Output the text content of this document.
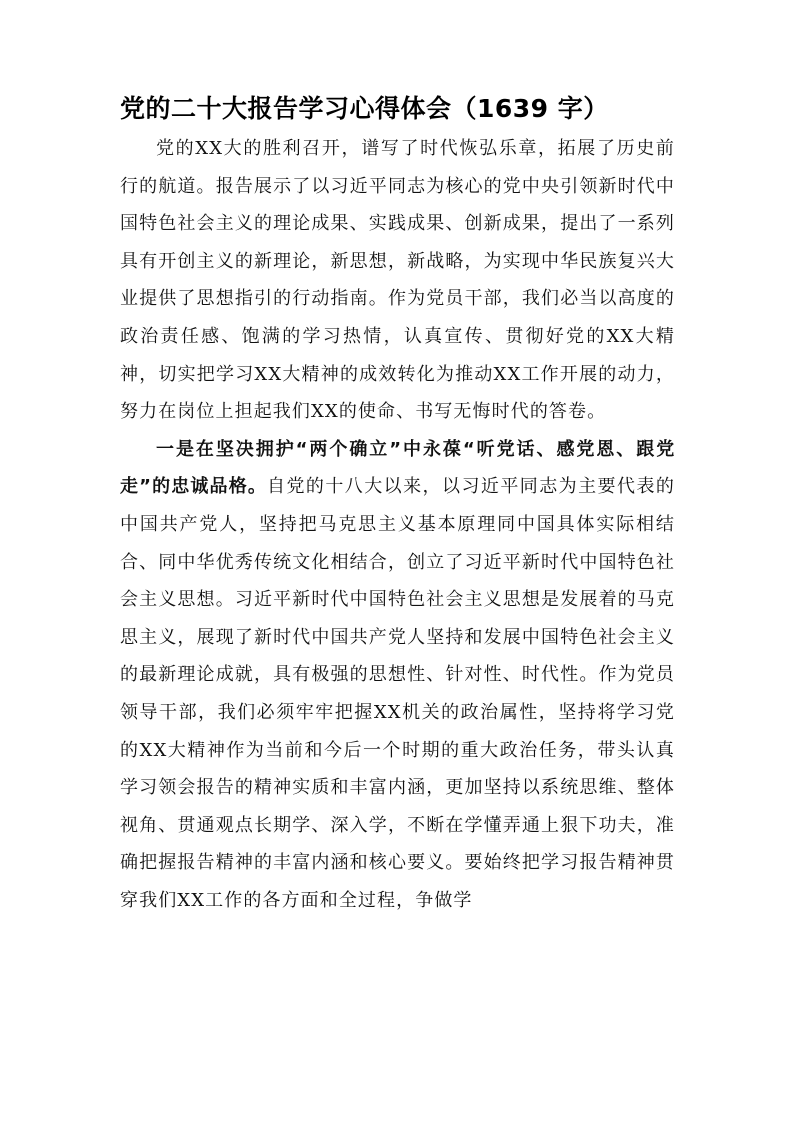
党的二十大报告学习心得体会（1639 字）

党的XX大的胜利召开，谱写了时代恢弘乐章，拓展了历史前行的航道。报告展示了以习近平同志为核心的党中央引领新时代中国特色社会主义的理论成果、实践成果、创新成果，提出了一系列具有开创主义的新理论，新思想，新战略，为实现中华民族复兴大业提供了思想指引的行动指南。作为党员干部，我们必当以高度的政治责任感、饱满的学习热情，认真宣传、贯彻好党的XX大精神，切实把学习XX大精神的成效转化为推动XX工作开展的动力，努力在岗位上担起我们XX的使命、书写无悔时代的答卷。

一是在坚决拥护“两个确立”中永葆“听党话、感党恩、跟党走”的忠诚品格。自党的十八大以来，以习近平同志为主要代表的中国共产党人，坚持把马克思主义基本原理同中国具体实际相结合、同中华优秀传统文化相结合，创立了习近平新时代中国特色社会主义思想。习近平新时代中国特色社会主义思想是发展着的马克思主义，展现了新时代中国共产党人坚持和发展中国特色社会主义的最新理论成就，具有极强的思想性、针对性、时代性。作为党员领导干部，我们必须牢牢把握XX机关的政治属性，坚持将学习党的XX大精神作为当前和今后一个时期的重大政治任务，带头认真学习领会报告的精神实质和丰富内涵，更加坚持以系统思维、整体视角、贯通观点长期学、深入学，不断在学懂弄通上狠下功夫，准确把握报告精神的丰富内涵和核心要义。要始终把学习报告精神贯穿我们XX工作的各方面和全过程，争做学
